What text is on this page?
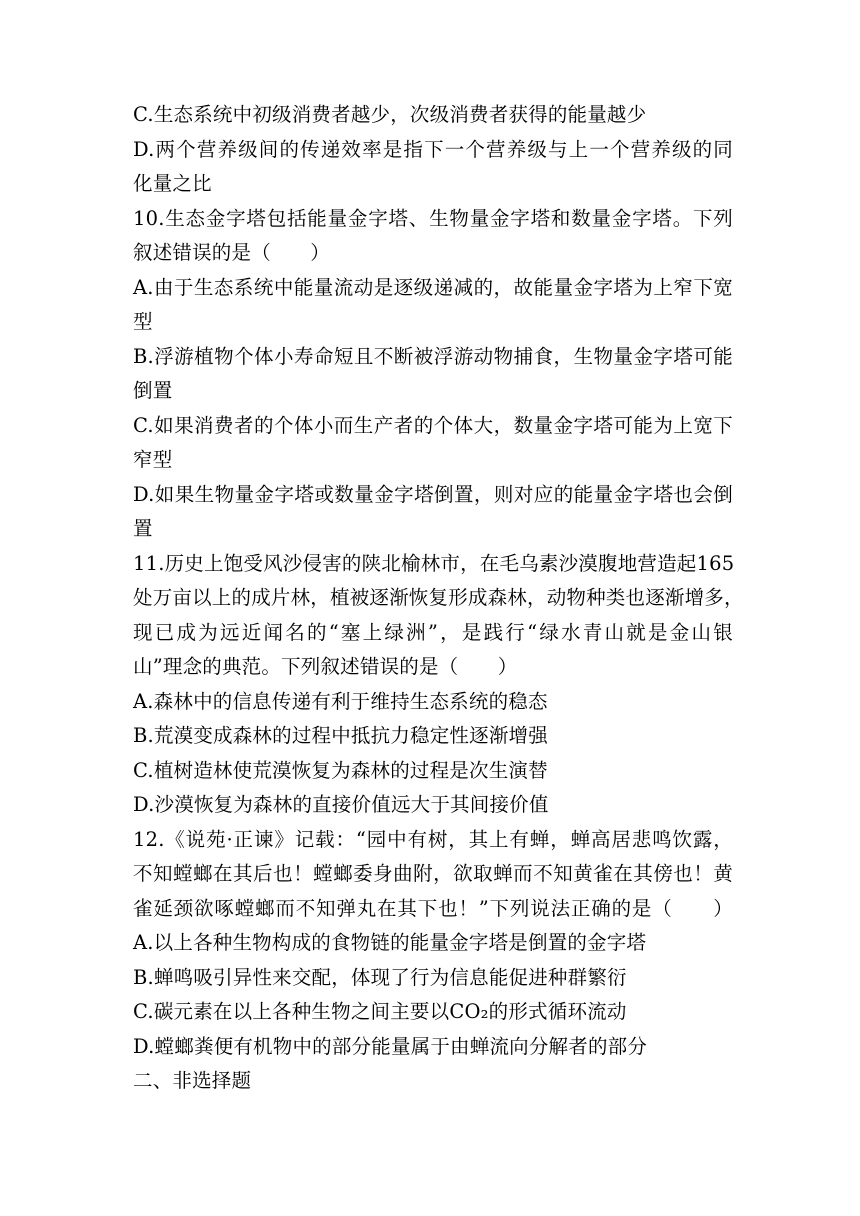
C.生态系统中初级消费者越少，次级消费者获得的能量越少
D.两个营养级间的传递效率是指下一个营养级与上一个营养级的同
化量之比
10.生态金字塔包括能量金字塔、生物量金字塔和数量金字塔。下列
叙述错误的是（　　）
A.由于生态系统中能量流动是逐级递减的，故能量金字塔为上窄下宽
型
B.浮游植物个体小寿命短且不断被浮游动物捕食，生物量金字塔可能
倒置
C.如果消费者的个体小而生产者的个体大，数量金字塔可能为上宽下
窄型
D.如果生物量金字塔或数量金字塔倒置，则对应的能量金字塔也会倒
置
11.历史上饱受风沙侵害的陕北榆林市，在毛乌素沙漠腹地营造起165
处万亩以上的成片林，植被逐渐恢复形成森林，动物种类也逐渐增多，
现已成为远近闻名的“塞上绿洲”，是践行“绿水青山就是金山银
山”理念的典范。下列叙述错误的是（　　）
A.森林中的信息传递有利于维持生态系统的稳态
B.荒漠变成森林的过程中抵抗力稳定性逐渐增强
C.植树造林使荒漠恢复为森林的过程是次生演替
D.沙漠恢复为森林的直接价值远大于其间接价值
12.《说苑·正谏》记载：“园中有树，其上有蝉，蝉高居悲鸣饮露，
不知螳螂在其后也！螳螂委身曲附，欲取蝉而不知黄雀在其傍也！黄
雀延颈欲啄螳螂而不知弹丸在其下也！”下列说法正确的是（　　）
A.以上各种生物构成的食物链的能量金字塔是倒置的金字塔
B.蝉鸣吸引异性来交配，体现了行为信息能促进种群繁衍
C.碳元素在以上各种生物之间主要以CO₂的形式循环流动
D.螳螂粪便有机物中的部分能量属于由蝉流向分解者的部分
二、非选择题
